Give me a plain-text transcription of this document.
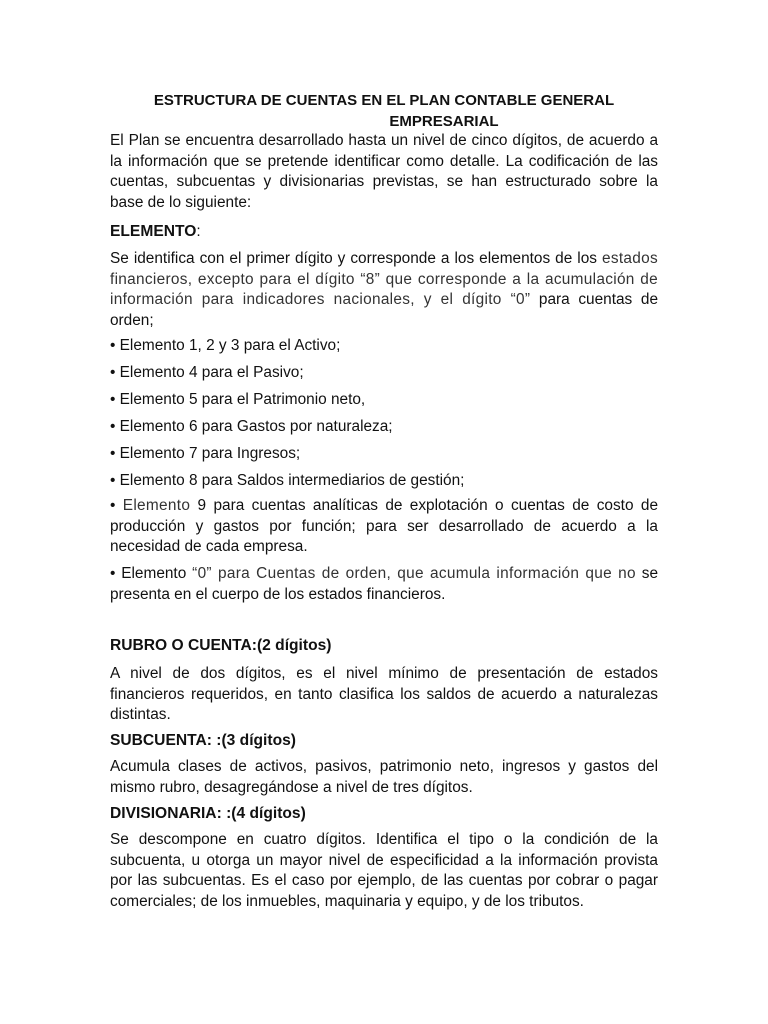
ESTRUCTURA DE CUENTAS EN EL PLAN CONTABLE GENERAL

EMPRESARIAL

El Plan se encuentra desarrollado hasta un nivel de cinco dígitos, de acuerdo a la información que se pretende identificar como detalle. La codificación de las cuentas, subcuentas y divisionarias previstas, se han estructurado sobre la base de lo siguiente:
ELEMENTO:
Se identifica con el primer dígito y corresponde a los elementos de los estados financieros, excepto para el dígito “8” que corresponde a la acumulación de información para indicadores nacionales, y el dígito “0” para cuentas de orden;
• Elemento 1, 2 y 3 para el Activo;
• Elemento 4 para el Pasivo;
• Elemento 5 para el Patrimonio neto,
• Elemento 6 para Gastos por naturaleza;
• Elemento 7 para Ingresos;
• Elemento 8 para Saldos intermediarios de gestión;
• Elemento 9 para cuentas analíticas de explotación o cuentas de costo de producción y gastos por función; para ser desarrollado de acuerdo a la necesidad de cada empresa.
• Elemento “0” para Cuentas de orden, que acumula información que no se presenta en el cuerpo de los estados financieros.
RUBRO O CUENTA:(2 dígitos)
A nivel de dos dígitos, es el nivel mínimo de presentación de estados financieros requeridos, en tanto clasifica los saldos de acuerdo a naturalezas distintas.
SUBCUENTA: :(3 dígitos)
Acumula clases de activos, pasivos, patrimonio neto, ingresos y gastos del mismo rubro, desagregándose a nivel de tres dígitos.
DIVISIONARIA: :(4 dígitos)
Se descompone en cuatro dígitos. Identifica el tipo o la condición de la subcuenta, u otorga un mayor nivel de especificidad a la información provista por las subcuentas. Es el caso por ejemplo, de las cuentas por cobrar o pagar comerciales; de los inmuebles, maquinaria y equipo, y de los tributos.
